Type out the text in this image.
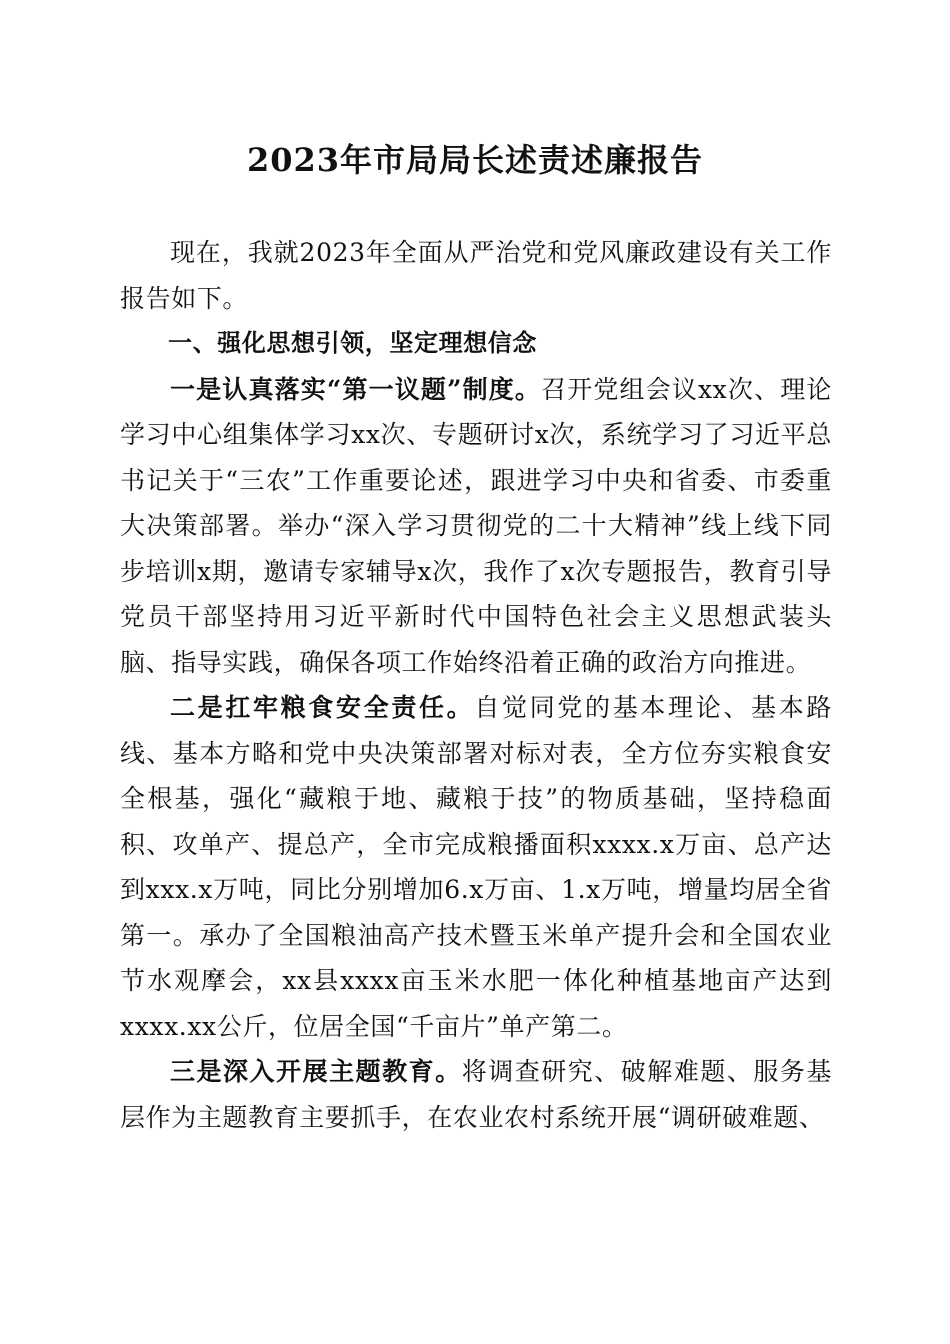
2023年市局局长述责述廉报告

现在，我就2023年全面从严治党和党风廉政建设有关工作报告如下。

一、强化思想引领，坚定理想信念

一是认真落实“第一议题”制度。召开党组会议xx次、理论学习中心组集体学习xx次、专题研讨x次，系统学习了习近平总书记关于“三农”工作重要论述，跟进学习中央和省委、市委重大决策部署。举办“深入学习贯彻党的二十大精神”线上线下同步培训x期，邀请专家辅导x次，我作了x次专题报告，教育引导党员干部坚持用习近平新时代中国特色社会主义思想武装头脑、指导实践，确保各项工作始终沿着正确的政治方向推进。

二是扛牢粮食安全责任。自觉同党的基本理论、基本路线、基本方略和党中央决策部署对标对表，全方位夯实粮食安全根基，强化“藏粮于地、藏粮于技”的物质基础，坚持稳面积、攻单产、提总产，全市完成粮播面积xxxx.x万亩、总产达到xxx.x万吨，同比分别增加6.x万亩、1.x万吨，增量均居全省第一。承办了全国粮油高产技术暨玉米单产提升会和全国农业节水观摩会，xx县xxxx亩玉米水肥一体化种植基地亩产达到xxxx.xx公斤，位居全国“千亩片”单产第二。

三是深入开展主题教育。将调查研究、破解难题、服务基层作为主题教育主要抓手，在农业农村系统开展“调研破难题、
